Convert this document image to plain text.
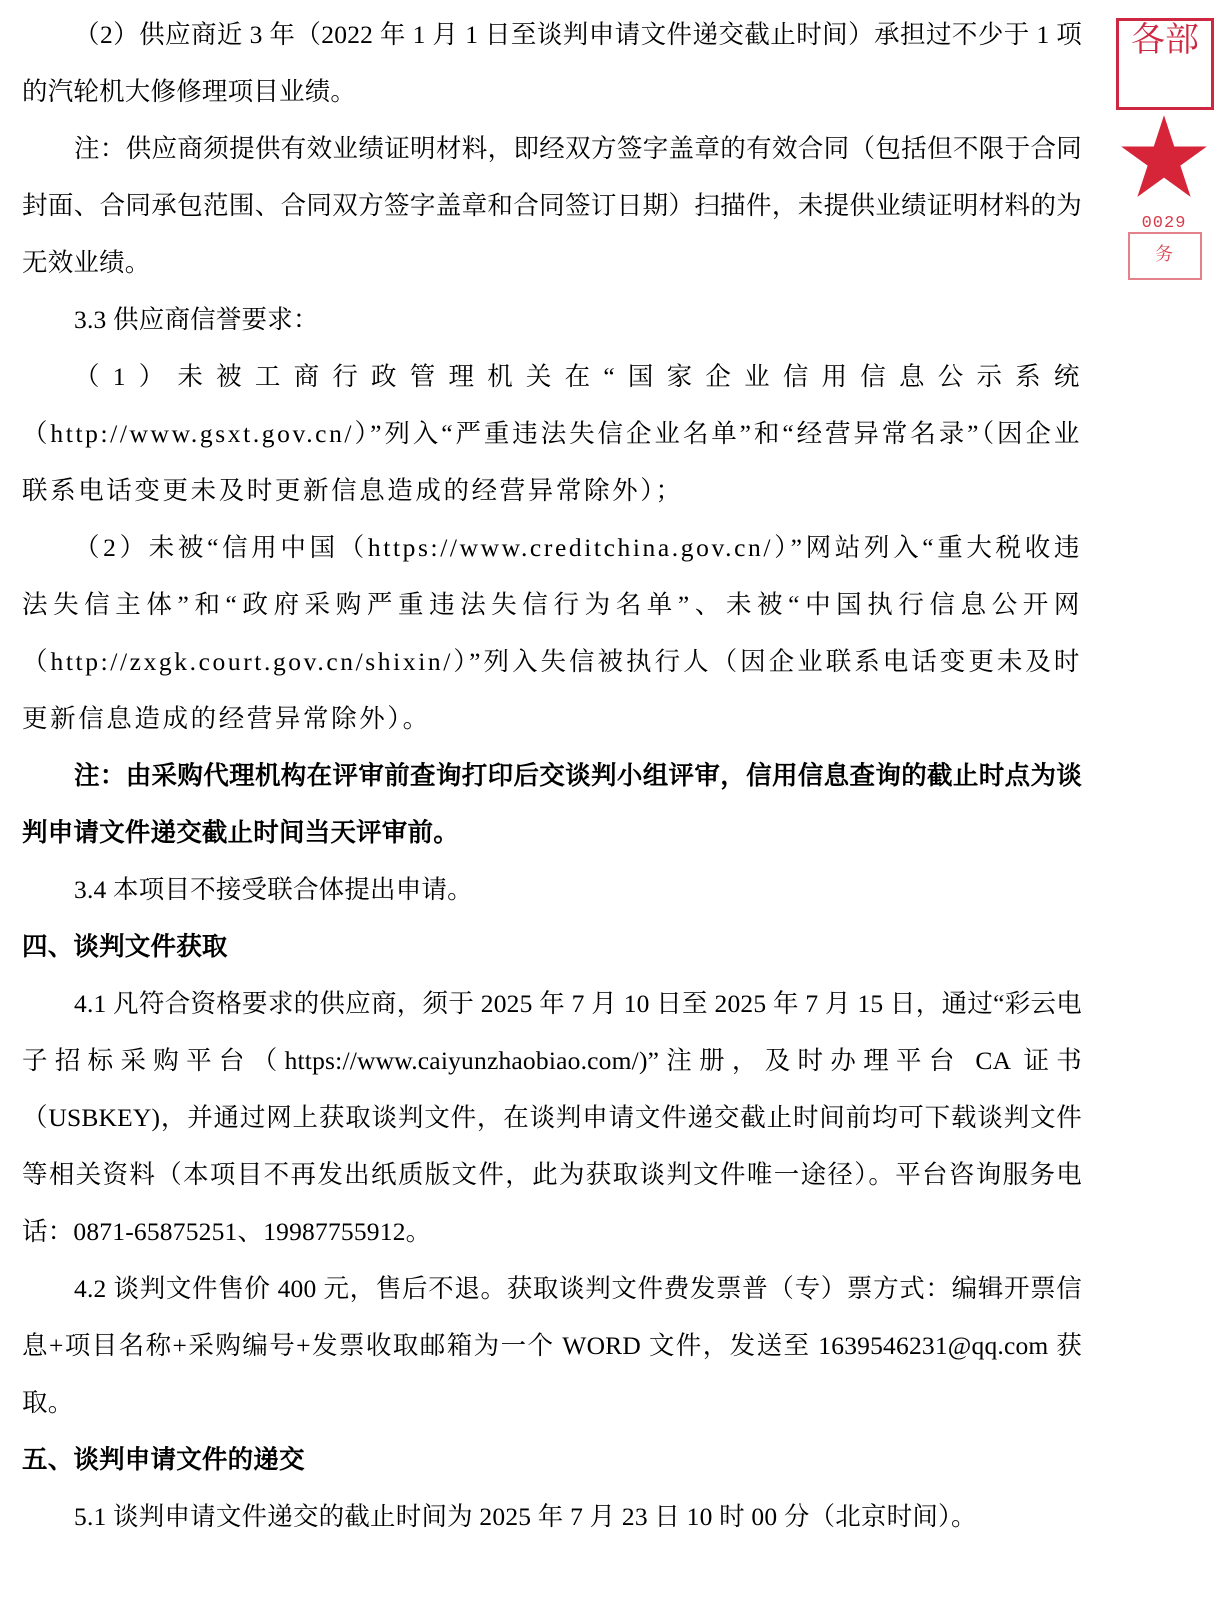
（2）供应商近 3 年（2022 年 1 月 1 日至谈判申请文件递交截止时间）承担过不少于 1 项的汽轮机大修修理项目业绩。

注：供应商须提供有效业绩证明材料，即经双方签字盖章的有效合同（包括但不限于合同封面、合同承包范围、合同双方签字盖章和合同签订日期）扫描件，未提供业绩证明材料的为无效业绩。

3.3 供应商信誉要求：

（1）未被工商行政管理机关在“国家企业信用信息公示系统（http://www.gsxt.gov.cn/）”列入“严重违法失信企业名单”和“经营异常名录”（因企业联系电话变更未及时更新信息造成的经营异常除外）；

（2）未被“信用中国（https://www.creditchina.gov.cn/）”网站列入“重大税收违法失信主体”和“政府采购严重违法失信行为名单”、未被“中国执行信息公开网（http://zxgk.court.gov.cn/shixin/）”列入失信被执行人（因企业联系电话变更未及时更新信息造成的经营异常除外）。

注：由采购代理机构在评审前查询打印后交谈判小组评审，信用信息查询的截止时点为谈判申请文件递交截止时间当天评审前。

3.4 本项目不接受联合体提出申请。

四、谈判文件获取

4.1 凡符合资格要求的供应商，须于 2025 年 7 月 10 日至 2025 年 7 月 15 日，通过“彩云电子招标采购平台（https://www.caiyunzhaobiao.com/)”注册，及时办理平台 CA 证书（USBKEY)，并通过网上获取谈判文件，在谈判申请文件递交截止时间前均可下载谈判文件等相关资料（本项目不再发出纸质版文件，此为获取谈判文件唯一途径）。平台咨询服务电话：0871-65875251、19987755912。

4.2 谈判文件售价 400 元，售后不退。获取谈判文件费发票普（专）票方式：编辑开票信息+项目名称+采购编号+发票收取邮箱为一个 WORD 文件，发送至 1639546231@qq.com 获取。

五、谈判申请文件的递交

5.1 谈判申请文件递交的截止时间为 2025 年 7 月 23 日 10 时 00 分（北京时间）。

各部
★
0029
务
